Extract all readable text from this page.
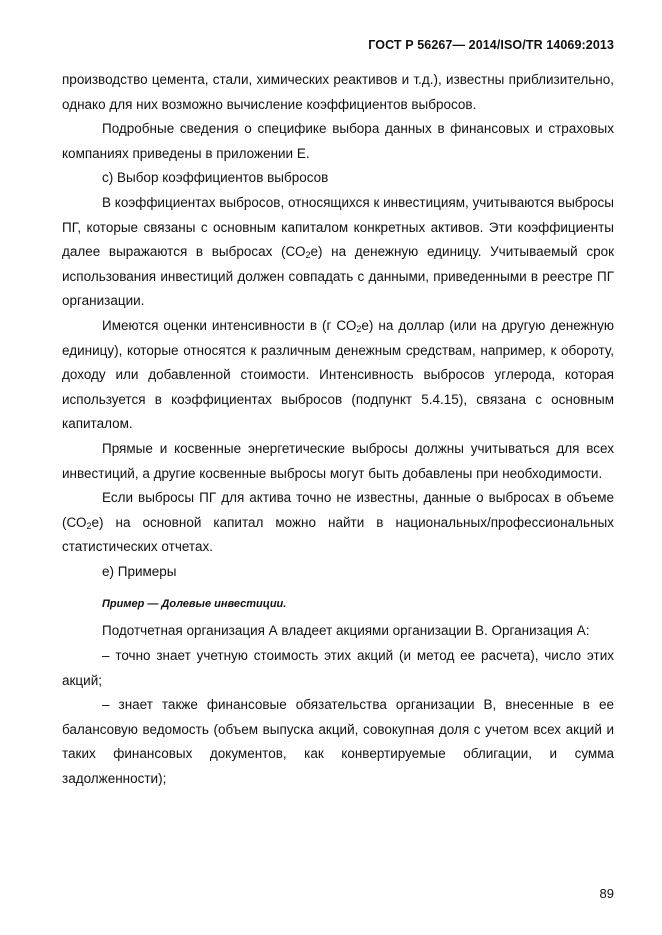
ГОСТ Р 56267— 2014/ISO/TR 14069:2013

производство цемента, стали, химических реактивов и т.д.), известны приблизительно, однако для них возможно вычисление коэффициентов выбросов.

Подробные сведения о специфике выбора данных в финансовых и страховых компаниях приведены в приложении Е.

с) Выбор коэффициентов выбросов

В коэффициентах выбросов, относящихся к инвестициям, учитываются выбросы ПГ, которые связаны с основным капиталом конкретных активов. Эти коэффициенты далее выражаются в выбросах $(СО_2е)$ на денежную единицу. Учитываемый срок использования инвестиций должен совпадать с данными, приведенными в реестре ПГ организации.

Имеются оценки интенсивности в (г $СО_2е$) на доллар (или на другую денежную единицу), которые относятся к различным денежным средствам, например, к обороту, доходу или добавленной стоимости. Интенсивность выбросов углерода, которая используется в коэффициентах выбросов (подпункт 5.4.15), связана с основным капиталом.

Прямые и косвенные энергетические выбросы должны учитываться для всех инвестиций, а другие косвенные выбросы могут быть добавлены при необходимости.

Если выбросы ПГ для актива точно не известны, данные о выбросах в объеме $(СО_2е)$ на основной капитал можно найти в национальных/профессиональных статистических отчетах.

е) Примеры

Пример — Долевые инвестиции.

Подотчетная организация А владеет акциями организации В. Организация А:

– точно знает учетную стоимость этих акций (и метод ее расчета), число этих акций;

– знает также финансовые обязательства организации В, внесенные в ее балансовую ведомость (объем выпуска акций, совокупная доля с учетом всех акций и таких финансовых документов, как конвертируемые облигации, и сумма задолженности);

89
